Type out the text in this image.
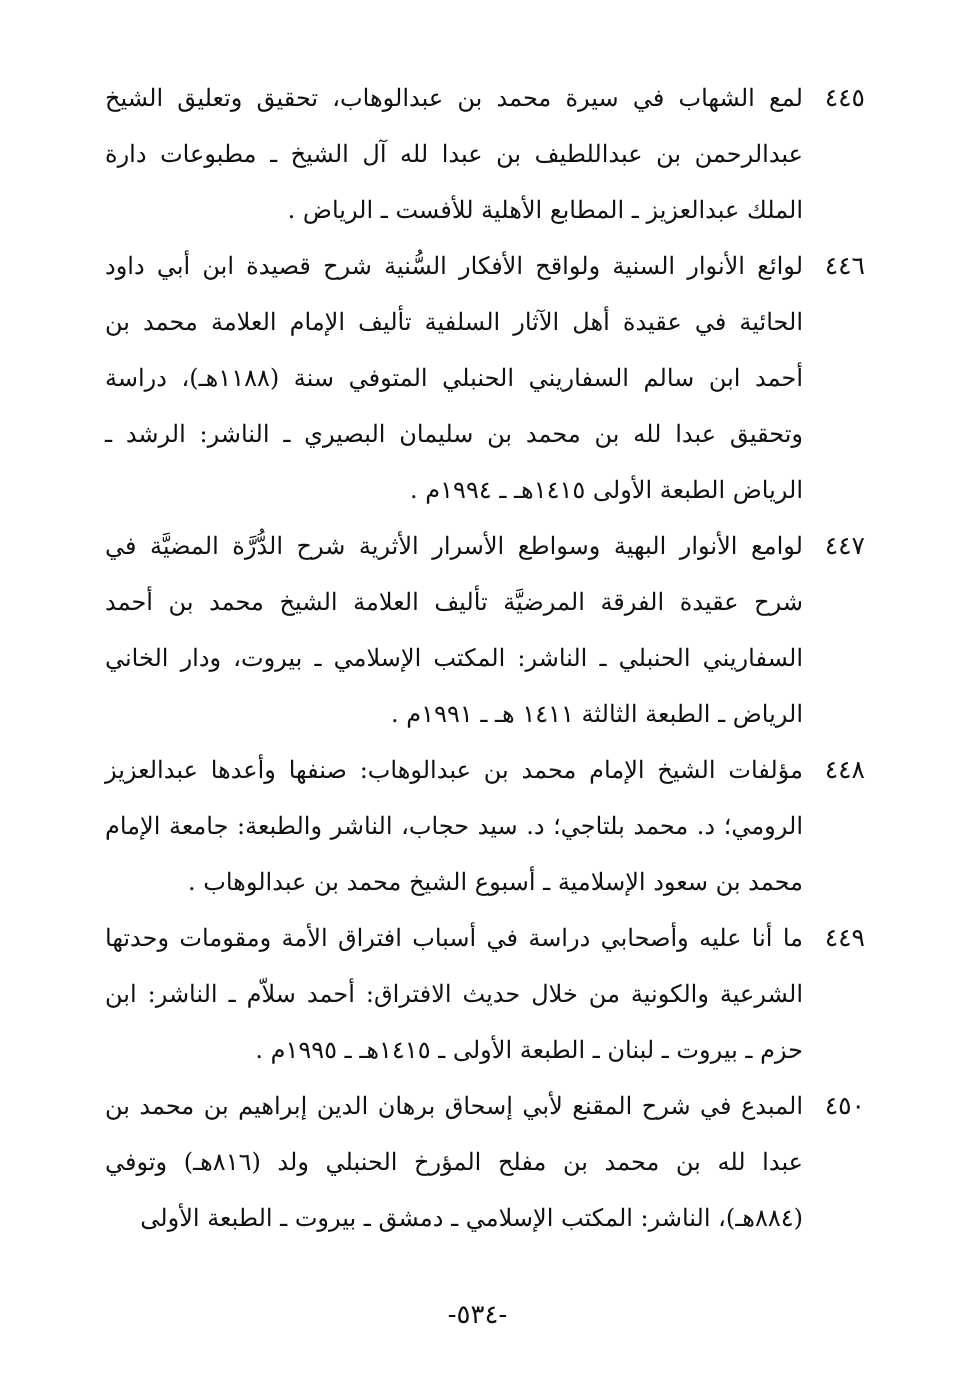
٤٤٥
لمع الشهاب في سيرة محمد بن عبدالوهاب، تحقيق وتعليق الشيخ عبدالرحمن بن عبداللطيف بن عبدا لله آل الشيخ ـ مطبوعات دارة الملك عبدالعزيز ـ المطابع الأهلية للأفست ـ الرياض .
٤٤٦
لوائع الأنوار السنية ولواقح الأفكار السُّنية شرح قصيدة ابن أبي داود الحائية في عقيدة أهل الآثار السلفية تأليف الإمام العلامة محمد بن أحمد ابن سالم السفاريني الحنبلي المتوفي سنة (١١٨٨هـ)، دراسة وتحقيق عبدا لله بن محمد بن سليمان البصيري ـ الناشر: الرشد ـ الرياض الطبعة الأولى ١٤١٥هـ ـ ١٩٩٤م .
٤٤٧
لوامع الأنوار البهية وسواطع الأسرار الأثرية شرح الدُّرَّة المضيَّة في شرح عقيدة الفرقة المرضيَّة تأليف العلامة الشيخ محمد بن أحمد السفاريني الحنبلي ـ الناشر: المكتب الإسلامي ـ بيروت، ودار الخاني الرياض ـ الطبعة الثالثة ١٤١١ هـ ـ ١٩٩١م .
٤٤٨
مؤلفات الشيخ الإمام محمد بن عبدالوهاب: صنفها وأعدها عبدالعزيز الرومي؛ د. محمد بلتاجي؛ د. سيد حجاب، الناشر والطبعة: جامعة الإمام محمد بن سعود الإسلامية ـ أسبوع الشيخ محمد بن عبدالوهاب .
٤٤٩
ما أنا عليه وأصحابي دراسة في أسباب افتراق الأمة ومقومات وحدتها الشرعية والكونية من خلال حديث الافتراق: أحمد سلاّم ـ الناشر: ابن حزم ـ بيروت ـ لبنان ـ الطبعة الأولى ـ ١٤١٥هـ ـ ١٩٩٥م .
٤٥٠
المبدع في شرح المقنع لأبي إسحاق برهان الدين إبراهيم بن محمد بن عبدا لله بن محمد بن مفلح المؤرخ الحنبلي ولد (٨١٦هـ) وتوفي (٨٨٤هـ)، الناشر: المكتب الإسلامي ـ دمشق ـ بيروت ـ الطبعة الأولى
-٥٣٤-
